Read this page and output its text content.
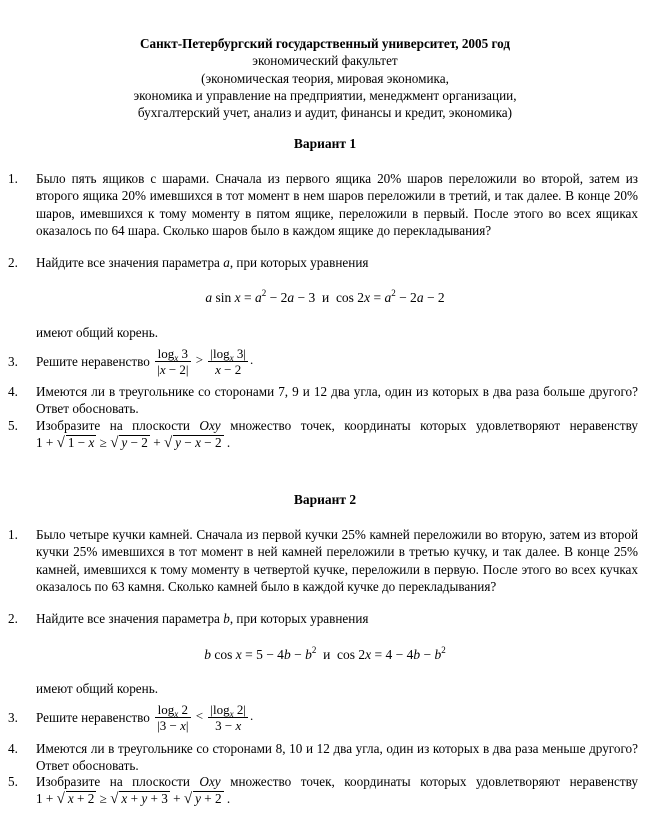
Санкт-Петербургский государственный университет, 2005 год
экономический факультет
(экономическая теория, мировая экономика,
экономика и управление на предприятии, менеджмент организации,
бухгалтерский учет, анализ и аудит, финансы и кредит, экономика)
Вариант 1
1. Было пять ящиков с шарами. Сначала из первого ящика 20% шаров переложили во второй, затем из второго ящика 20% имевшихся в тот момент в нем шаров переложили в третий, и так далее. В конце 20% шаров, имевшихся к тому моменту в пятом ящике, переложили в первый. После этого во всех ящиках оказалось по 64 шара. Сколько шаров было в каждом ящике до перекладывания?
2. Найдите все значения параметра a, при которых уравнения
a $\sin x = a^2 - 2a - 3$ и $\cos 2x = a^2 - 2a - 2$
имеют общий корень.
3. Решите неравенство $\frac{\log_x 3}{|x - 2|} > \frac{|\log_x 3|}{x - 2}$ .
4. Имеются ли в треугольнике со сторонами 7, 9 и 12 два угла, один из которых в два раза больше другого? Ответ обосновать.
5. Изобразите на плоскости Oxy множество точек, координаты которых удовлетворяют неравенству 1 + √ 1 − x ≥ √ y − 2 + √ y − x − 2 .
Вариант 2
1. Было четыре кучки камней. Сначала из первой кучки 25% камней переложили во вторую, затем из второй кучки 25% имевшихся в тот момент в ней камней переложили в третью кучку, и так далее. В конце 25% камней, имевшихся к тому моменту в четвертой кучке, переложили в первую. После этого во всех кучках оказалось по 63 камня. Сколько камней было в каждой кучке до перекладывания?
2. Найдите все значения параметра b, при которых уравнения
b $\cos x = 5 - 4b - b^2$ и $\cos 2x = 4 - 4b - b^2$
имеют общий корень.
3. Решите неравенство $\frac{\log_x 2}{|3 - x|} < \frac{|\log_x 2|}{3 - x}$ .
4. Имеются ли в треугольнике со сторонами 8, 10 и 12 два угла, один из которых в два раза меньше другого? Ответ обосновать.
5. Изобразите на плоскости Oxy множество точек, координаты которых удовлетворяют неравенству 1 + √ x + 2 ≥ √ x + y + 3 + √ y + 2 .
